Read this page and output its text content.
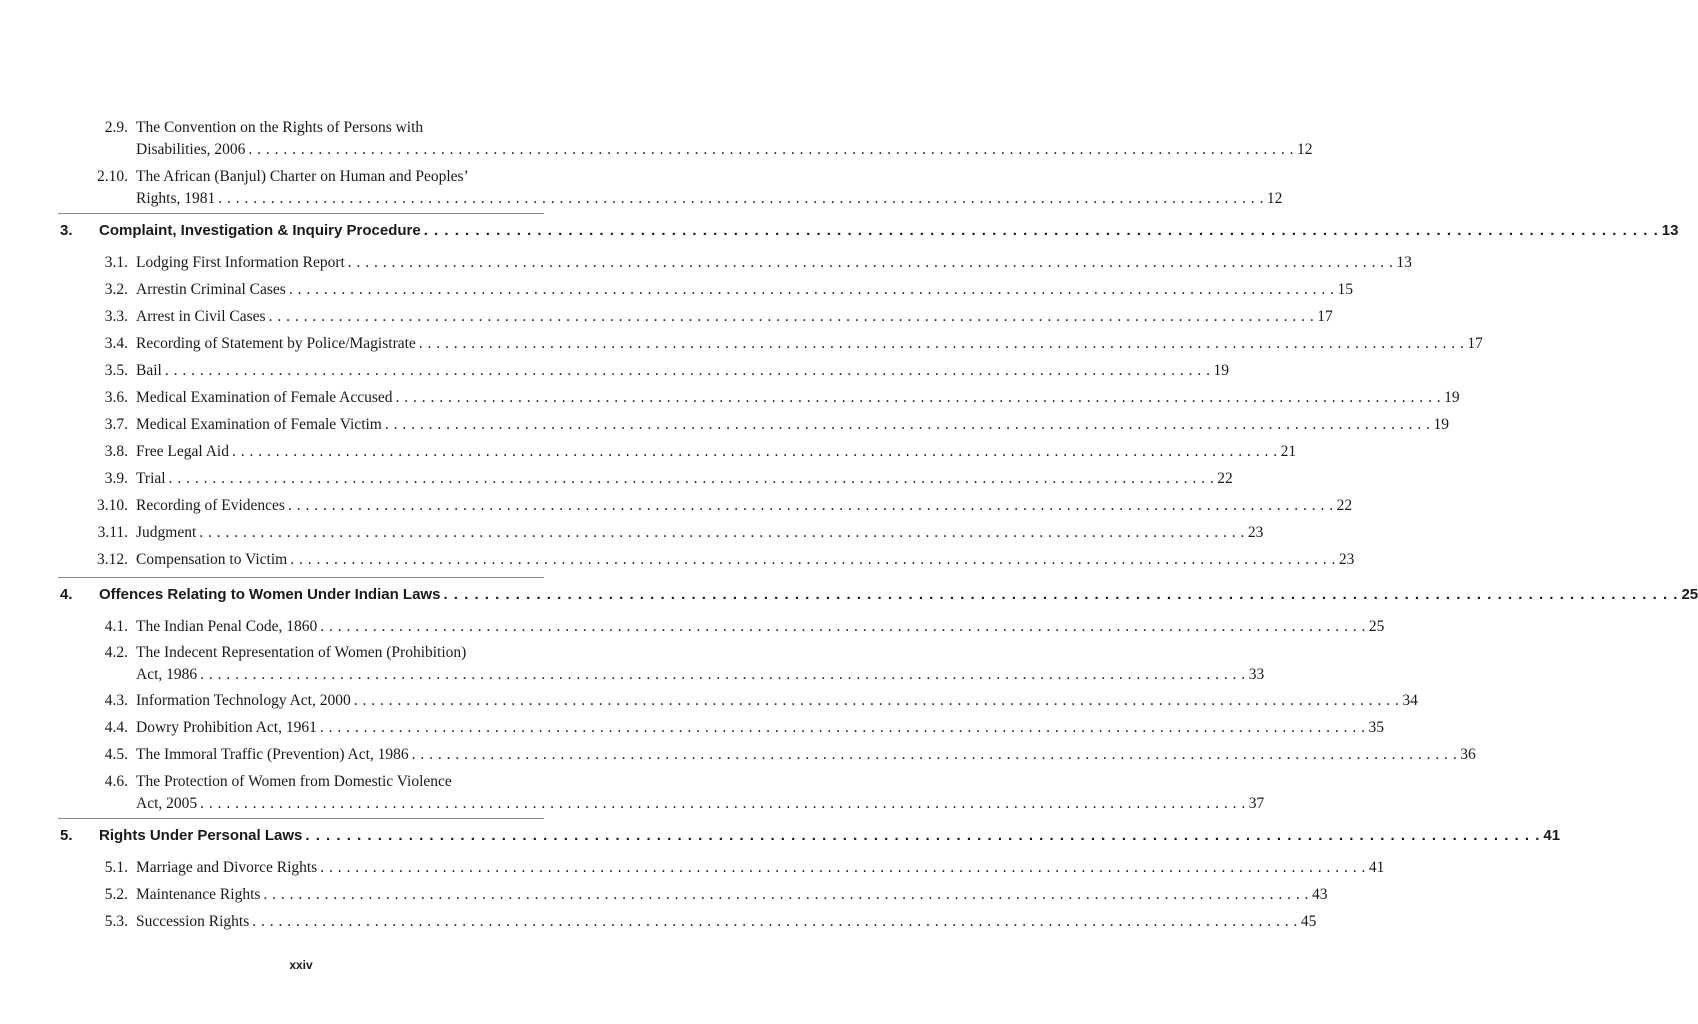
2.9. The Convention on the Rights of Persons with
Disabilities, 2006 . . . . . . . . . . . . . . . . . . . . . . . . . . . . . . . . . . . . . . . . . . . . . . . . . . . . . . . . . . . . . . . . . . . . . . . . . . . . . . . . . . . . . . . . . . . . . . . . . . . . . . . . . . . . . . . . . . . . . . . . 12
2.10. The African (Banjul) Charter on Human and Peoples’
Rights, 1981 . . . . . . . . . . . . . . . . . . . . . . . . . . . . . . . . . . . . . . . . . . . . . . . . . . . . . . . . . . . . . . . . . . . . . . . . . . . . . . . . . . . . . . . . . . . . . . . . . . . . . . . . . . . . . . . . . . . . . . . . 12
3. Complaint, Investigation & Inquiry Procedure . . . . . . . . . . . . . . . . . . . . . . . . . . . . . . . . . . . . . . . . . . . . . . . . . . . . . . . . . . . . . . . . . . . . . . . . . . . . . . . . . . . . . . . . . . . . . . . . . . . . . . . . . . . . . . . . . . . . . . . . 13
3.1. Lodging First Information Report . . . . . . . . . . . . . . . . . . . . . . . . . . . . . . . . . . . . . . . . . . . . . . . . . . . . . . . . . . . . . . . . . . . . . . . . . . . . . . . . . . . . . . . . . . . . . . . . . . . . . . . . . . . . . . . . . . . . . . . . 13
3.2. Arrestin Criminal Cases . . . . . . . . . . . . . . . . . . . . . . . . . . . . . . . . . . . . . . . . . . . . . . . . . . . . . . . . . . . . . . . . . . . . . . . . . . . . . . . . . . . . . . . . . . . . . . . . . . . . . . . . . . . . . . . . . . . . . . . . 15
3.3. Arrest in Civil Cases . . . . . . . . . . . . . . . . . . . . . . . . . . . . . . . . . . . . . . . . . . . . . . . . . . . . . . . . . . . . . . . . . . . . . . . . . . . . . . . . . . . . . . . . . . . . . . . . . . . . . . . . . . . . . . . . . . . . . . . . 17
3.4. Recording of Statement by Police/Magistrate . . . . . . . . . . . . . . . . . . . . . . . . . . . . . . . . . . . . . . . . . . . . . . . . . . . . . . . . . . . . . . . . . . . . . . . . . . . . . . . . . . . . . . . . . . . . . . . . . . . . . . . . . . . . . . . . . . . . . . . . 17
3.5. Bail . . . . . . . . . . . . . . . . . . . . . . . . . . . . . . . . . . . . . . . . . . . . . . . . . . . . . . . . . . . . . . . . . . . . . . . . . . . . . . . . . . . . . . . . . . . . . . . . . . . . . . . . . . . . . . . . . . . . . . . . 19
3.6. Medical Examination of Female Accused . . . . . . . . . . . . . . . . . . . . . . . . . . . . . . . . . . . . . . . . . . . . . . . . . . . . . . . . . . . . . . . . . . . . . . . . . . . . . . . . . . . . . . . . . . . . . . . . . . . . . . . . . . . . . . . . . . . . . . . . 19
3.7. Medical Examination of Female Victim . . . . . . . . . . . . . . . . . . . . . . . . . . . . . . . . . . . . . . . . . . . . . . . . . . . . . . . . . . . . . . . . . . . . . . . . . . . . . . . . . . . . . . . . . . . . . . . . . . . . . . . . . . . . . . . . . . . . . . . . 19
3.8. Free Legal Aid . . . . . . . . . . . . . . . . . . . . . . . . . . . . . . . . . . . . . . . . . . . . . . . . . . . . . . . . . . . . . . . . . . . . . . . . . . . . . . . . . . . . . . . . . . . . . . . . . . . . . . . . . . . . . . . . . . . . . . . . 21
3.9. Trial . . . . . . . . . . . . . . . . . . . . . . . . . . . . . . . . . . . . . . . . . . . . . . . . . . . . . . . . . . . . . . . . . . . . . . . . . . . . . . . . . . . . . . . . . . . . . . . . . . . . . . . . . . . . . . . . . . . . . . . . 22
3.10. Recording of Evidences . . . . . . . . . . . . . . . . . . . . . . . . . . . . . . . . . . . . . . . . . . . . . . . . . . . . . . . . . . . . . . . . . . . . . . . . . . . . . . . . . . . . . . . . . . . . . . . . . . . . . . . . . . . . . . . . . . . . . . . . 22
3.11. Judgment . . . . . . . . . . . . . . . . . . . . . . . . . . . . . . . . . . . . . . . . . . . . . . . . . . . . . . . . . . . . . . . . . . . . . . . . . . . . . . . . . . . . . . . . . . . . . . . . . . . . . . . . . . . . . . . . . . . . . . . . 23
3.12. Compensation to Victim . . . . . . . . . . . . . . . . . . . . . . . . . . . . . . . . . . . . . . . . . . . . . . . . . . . . . . . . . . . . . . . . . . . . . . . . . . . . . . . . . . . . . . . . . . . . . . . . . . . . . . . . . . . . . . . . . . . . . . . . 23
4. Offences Relating to Women Under Indian Laws . . . . . . . . . . . . . . . . . . . . . . . . . . . . . . . . . . . . . . . . . . . . . . . . . . . . . . . . . . . . . . . . . . . . . . . . . . . . . . . . . . . . . . . . . . . . . . . . . . . . . . . . . . . . . . . . . . . . . . . . 25
4.1. The Indian Penal Code, 1860 . . . . . . . . . . . . . . . . . . . . . . . . . . . . . . . . . . . . . . . . . . . . . . . . . . . . . . . . . . . . . . . . . . . . . . . . . . . . . . . . . . . . . . . . . . . . . . . . . . . . . . . . . . . . . . . . . . . . . . . . 25
4.2. The Indecent Representation of Women (Prohibition)
Act, 1986 . . . . . . . . . . . . . . . . . . . . . . . . . . . . . . . . . . . . . . . . . . . . . . . . . . . . . . . . . . . . . . . . . . . . . . . . . . . . . . . . . . . . . . . . . . . . . . . . . . . . . . . . . . . . . . . . . . . . . . . . 33
4.3. Information Technology Act, 2000 . . . . . . . . . . . . . . . . . . . . . . . . . . . . . . . . . . . . . . . . . . . . . . . . . . . . . . . . . . . . . . . . . . . . . . . . . . . . . . . . . . . . . . . . . . . . . . . . . . . . . . . . . . . . . . . . . . . . . . . . 34
4.4. Dowry Prohibition Act, 1961 . . . . . . . . . . . . . . . . . . . . . . . . . . . . . . . . . . . . . . . . . . . . . . . . . . . . . . . . . . . . . . . . . . . . . . . . . . . . . . . . . . . . . . . . . . . . . . . . . . . . . . . . . . . . . . . . . . . . . . . . 35
4.5. The Immoral Traffic (Prevention) Act, 1986 . . . . . . . . . . . . . . . . . . . . . . . . . . . . . . . . . . . . . . . . . . . . . . . . . . . . . . . . . . . . . . . . . . . . . . . . . . . . . . . . . . . . . . . . . . . . . . . . . . . . . . . . . . . . . . . . . . . . . . . . 36
4.6. The Protection of Women from Domestic Violence
Act, 2005 . . . . . . . . . . . . . . . . . . . . . . . . . . . . . . . . . . . . . . . . . . . . . . . . . . . . . . . . . . . . . . . . . . . . . . . . . . . . . . . . . . . . . . . . . . . . . . . . . . . . . . . . . . . . . . . . . . . . . . . . 37
5. Rights Under Personal Laws . . . . . . . . . . . . . . . . . . . . . . . . . . . . . . . . . . . . . . . . . . . . . . . . . . . . . . . . . . . . . . . . . . . . . . . . . . . . . . . . . . . . . . . . . . . . . . . . . . . . . . . . . . . . . . . . . . . . . . . . 41
5.1. Marriage and Divorce Rights . . . . . . . . . . . . . . . . . . . . . . . . . . . . . . . . . . . . . . . . . . . . . . . . . . . . . . . . . . . . . . . . . . . . . . . . . . . . . . . . . . . . . . . . . . . . . . . . . . . . . . . . . . . . . . . . . . . . . . . . 41
5.2. Maintenance Rights . . . . . . . . . . . . . . . . . . . . . . . . . . . . . . . . . . . . . . . . . . . . . . . . . . . . . . . . . . . . . . . . . . . . . . . . . . . . . . . . . . . . . . . . . . . . . . . . . . . . . . . . . . . . . . . . . . . . . . . . 43
5.3. Succession Rights . . . . . . . . . . . . . . . . . . . . . . . . . . . . . . . . . . . . . . . . . . . . . . . . . . . . . . . . . . . . . . . . . . . . . . . . . . . . . . . . . . . . . . . . . . . . . . . . . . . . . . . . . . . . . . . . . . . . . . . . 45
xxiv
